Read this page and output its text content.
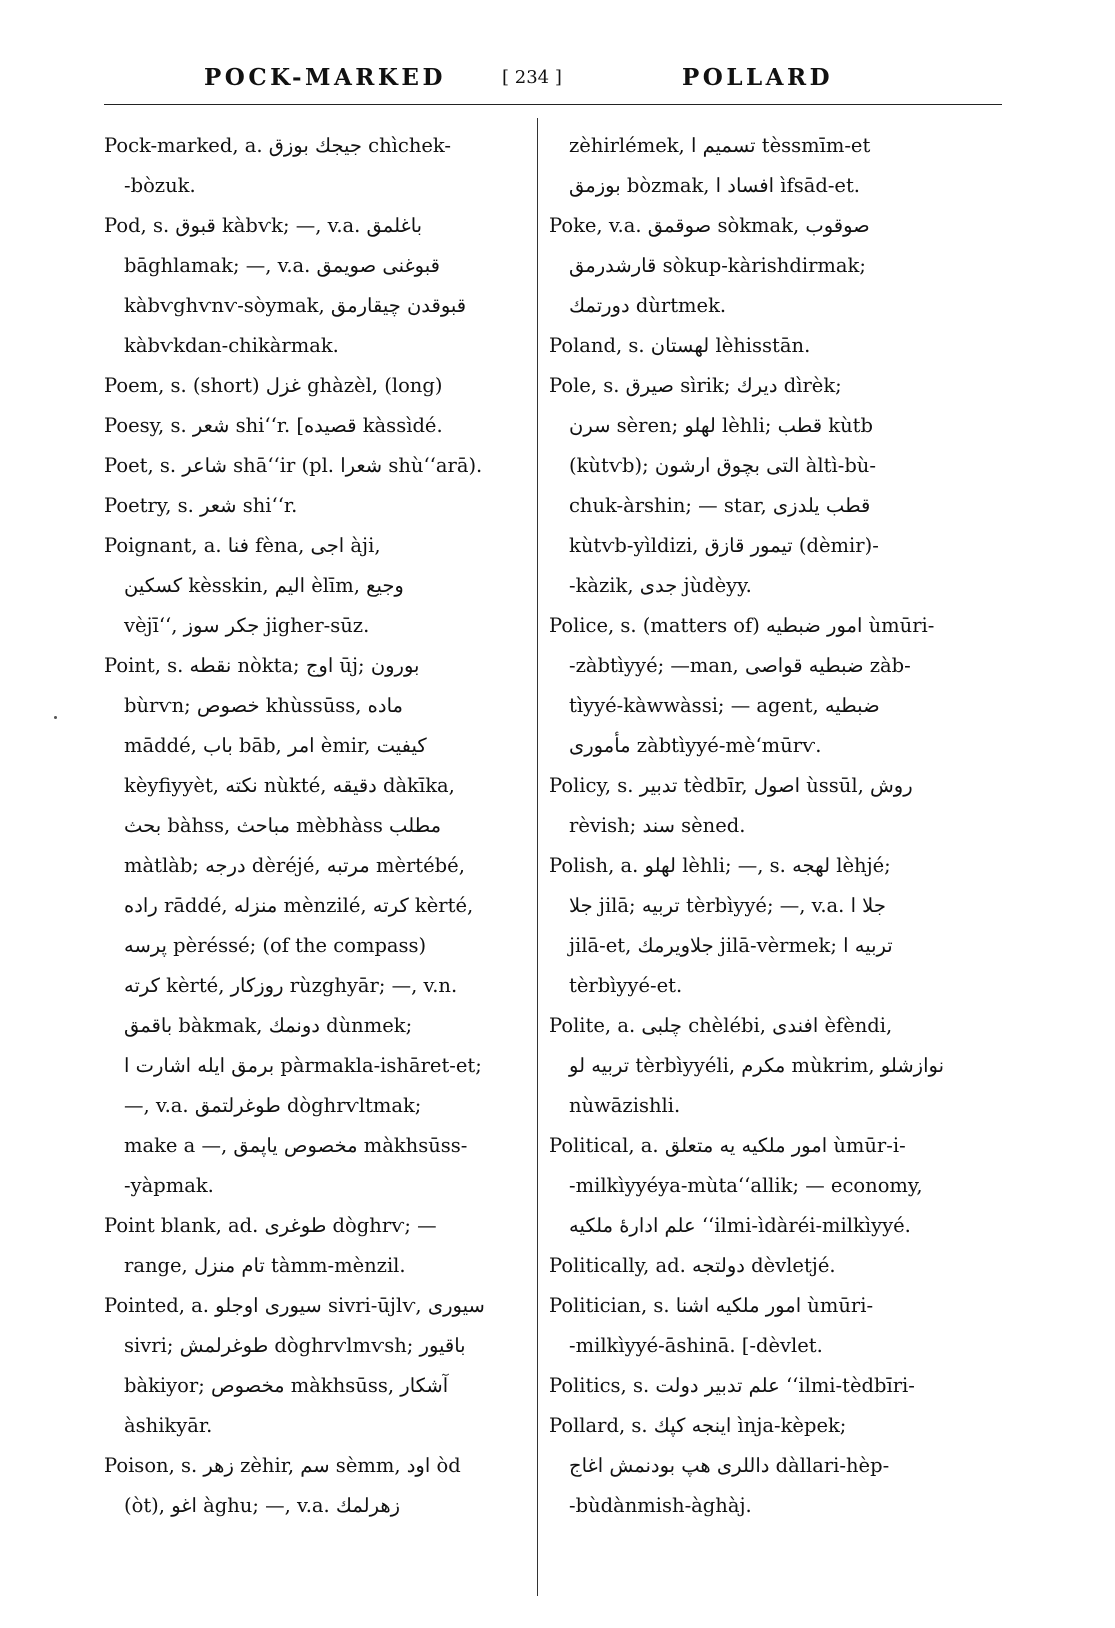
POCK-MARKED	[ 234 ]	POLLARD
Pock-marked, a. جيجك بوزق chìchek-
-bòzuk.
Pod, s. قبوق kàbѵk; —, v.a. باغلمق
bāghlamak; —, v.a. قبوغنى صويمق
kàbѵghѵnѵ-sòymak, قبوقدن چيقارمق
kàbѵkdan-chikàrmak.
Poem, s. (short) غزل ghàzèl, (long)
Poesy, s. شعر shi‘‘r. [قصيده kàssìdé.
Poet, s. شاعر shā‘‘ir (pl. شعرا shù‘‘arā).
Poetry, s. شعر shi‘‘r.
Poignant, a. فنا fèna, اجى àji,
كسكين kèsskin, اليم èlīm, وجيع
vèjī‘‘, جكر سوز jigher-sūz.
Point, s. نقطه nòkta; اوج ūj; بورون
bùrѵn; خصوص khùssūss, ماده
māddé, باب bāb, امر èmir, كيفيت
kèyfiyyèt, نكته nùkté, دقيقه dàkīka,
بحث bàhss, مباحث mèbhàss مطلب
màtlàb; درجه dèréjé, مرتبه mèrtébé,
راده rāddé, منزله mènzilé, كرته kèrté,
پرسه pèréssé; (of the compass)
كرته kèrté, روزكار rùzghyār; —, v.n.
باقمق bàkmak, دونمك dùnmek;
برمق ايله اشارت ا pàrmakla-ishāret-et;
—, v.a. طوغرلتمق dòghrѵltmak;
make a —, مخصوص ياپمق màkhsūss-
-yàpmak.
Point blank, ad. طوغرى dòghrѵ; —
range, تام منزل tàmm-mènzil.
Pointed, a. سيورى اوجلو sivri-ūjlѵ, سيورى
sivri; طوغرلمش dòghrѵlmѵsh; باقيور
bàkiyor; مخصوص màkhsūss, آشكار
àshikyār.
Poison, s. زهر zèhir, سم sèmm, اود òd
(òt), اغو àghu; —, v.a. زهرلمك
zèhirlémek, تسميم ا tèssmīm-et
بوزمق bòzmak, افساد ا ìfsād-et.
Poke, v.a. صوقمق sòkmak, صوقوب
قارشدرمق sòkup-kàrishdirmak;
دورتمك dùrtmek.
Poland, s. لهستان lèhisstān.
Pole, s. صيرق sìrik; ديرك dìrèk;
سرن sèren; لهلو lèhli; قطب kùtb
(kùtѵb); التى بچوق ارشون àltì-bù-
chuk-àrshin; — star, قطب يلدزى
kùtѵb-yìldizi, تيمور قازق (dèmir)-
-kàzik, جدى jùdèyy.
Police, s. (matters of) امور ضبطيه ùmūri-
-zàbtìyyé; —man, ضبطيه قواصى zàb-
tìyyé-kàwwàssi; — agent, ضبطيه
مأمورى zàbtìyyé-mè‘mūrѵ.
Policy, s. تدبير tèdbīr, اصول ùssūl, روش
rèvish; سند sèned.
Polish, a. لهلو lèhli; —, s. لهجه lèhjé;
جلا jilā; تربيه tèrbìyyé; —, v.a. جلا ا
jilā-et, جلاويرمك jilā-vèrmek; تربيه ا
tèrbìyyé-et.
Polite, a. چلبى chèlébi, افندى èfèndi,
تربيه لو tèrbìyyéli, مكرم mùkrim, نوازشلو
nùwāzishli.
Political, a. امور ملكيه يه متعلق ùmūr-i-
-milkìyyéya-mùta‘‘allik; — economy,
علم ادارهٔ ملكيه ‘‘ilmi-ìdàréi-milkìyyé.
Politically, ad. دولتجه dèvletjé.
Politician, s. امور ملكيه اشنا ùmūri-
-milkìyyé-āshinā. [-dèvlet.
Politics, s. علم تدبير دولت ‘‘ilmi-tèdbīri-
Pollard, s. اينجه كپك ìnja-kèpek;
داللرى هپ بودنمش اغاج dàllari-hèp-
-bùdànmish-àghàj.
